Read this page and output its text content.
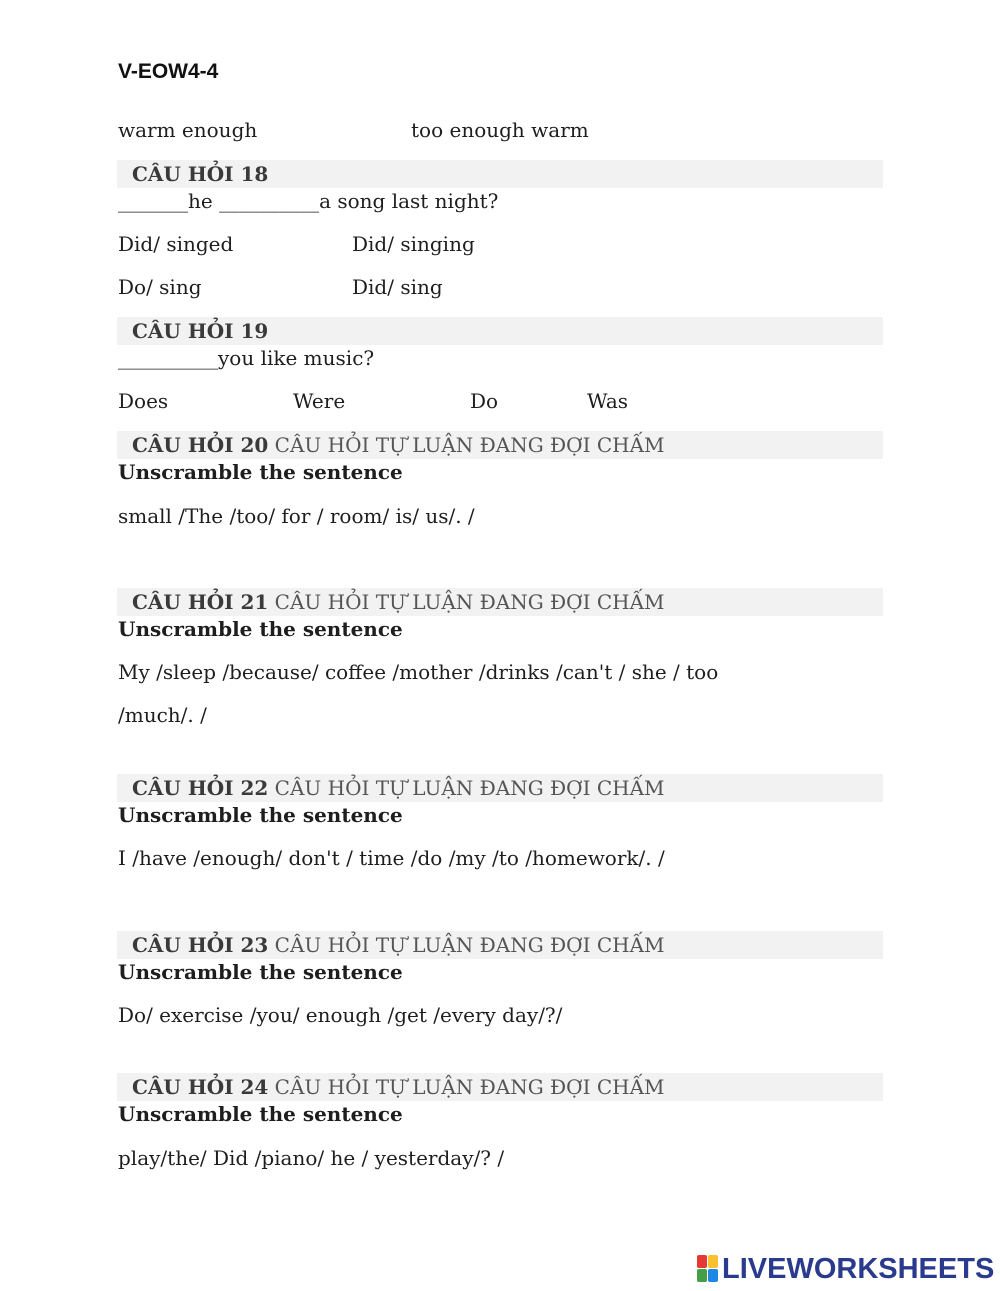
V-EOW4-4
warm enough	too enough warm
CÂU HỎI 18
_______he __________a song last night?
Did/ singed	Did/ singing
Do/ sing	Did/ sing
CÂU HỎI 19
__________you like music?
Does	Were	Do	Was
CÂU HỎI 20 CÂU HỎI TỰ LUẬN ĐANG ĐỢI CHẤM
Unscramble the sentence
small /The /too/ for / room/ is/ us/. /
CÂU HỎI 21 CÂU HỎI TỰ LUẬN ĐANG ĐỢI CHẤM
Unscramble the sentence
My /sleep /because/ coffee /mother /drinks /can't / she / too
/much/. /
CÂU HỎI 22 CÂU HỎI TỰ LUẬN ĐANG ĐỢI CHẤM
Unscramble the sentence
I /have /enough/ don't / time /do /my /to /homework/. /
CÂU HỎI 23 CÂU HỎI TỰ LUẬN ĐANG ĐỢI CHẤM
Unscramble the sentence
Do/ exercise /you/ enough /get /every day/?/
CÂU HỎI 24 CÂU HỎI TỰ LUẬN ĐANG ĐỢI CHẤM
Unscramble the sentence
play/the/ Did /piano/ he / yesterday/? /
LIVEWORKSHEETS
